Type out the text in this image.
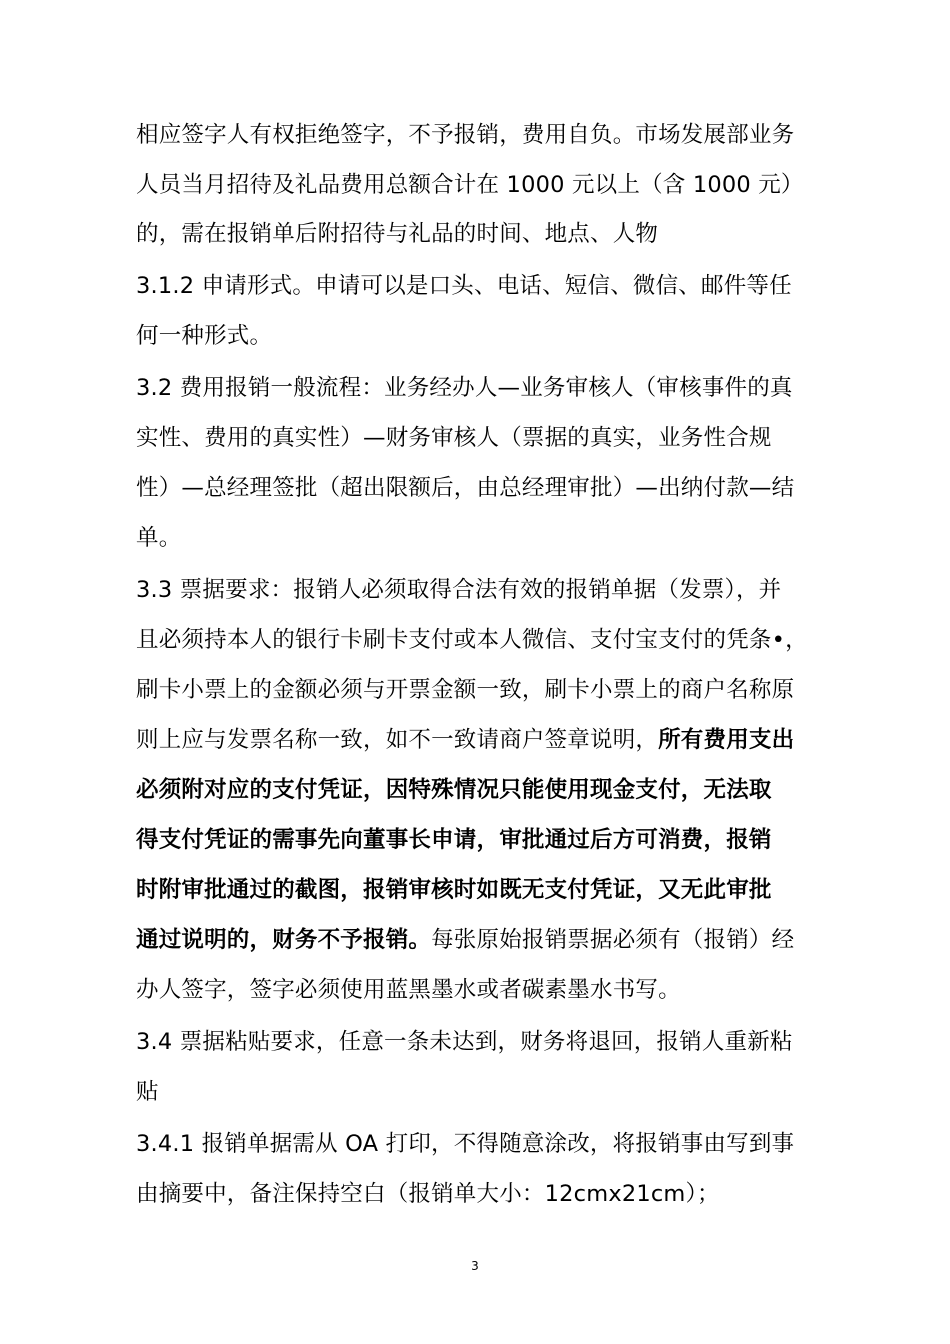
相应签字人有权拒绝签字，不予报销，费用自负。市场发展部业务
人员当月招待及礼品费用总额合计在 1000 元以上（含 1000 元）
的，需在报销单后附招待与礼品的时间、地点、人物
3.1.2 申请形式。申请可以是口头、电话、短信、微信、邮件等任
何一种形式。
3.2 费用报销一般流程：业务经办人—业务审核人（审核事件的真
实性、费用的真实性）—财务审核人（票据的真实，业务性合规
性）—总经理签批（超出限额后，由总经理审批）—出纳付款—结
单。
3.3 票据要求：报销人必须取得合法有效的报销单据（发票），并
且必须持本人的银行卡刷卡支付或本人微信、支付宝支付的凭条•，
刷卡小票上的金额必须与开票金额一致，刷卡小票上的商户名称原
则上应与发票名称一致，如不一致请商户签章说明，所有费用支出
必须附对应的支付凭证，因特殊情况只能使用现金支付，无法取
得支付凭证的需事先向董事长申请，审批通过后方可消费，报销
时附审批通过的截图，报销审核时如既无支付凭证，又无此审批
通过说明的，财务不予报销。每张原始报销票据必须有（报销）经
办人签字，签字必须使用蓝黑墨水或者碳素墨水书写。
3.4 票据粘贴要求，任意一条未达到，财务将退回，报销人重新粘
贴
3.4.1 报销单据需从 OA 打印，不得随意涂改，将报销事由写到事
由摘要中，备注保持空白（报销单大小：12cmx21cm）；
3
